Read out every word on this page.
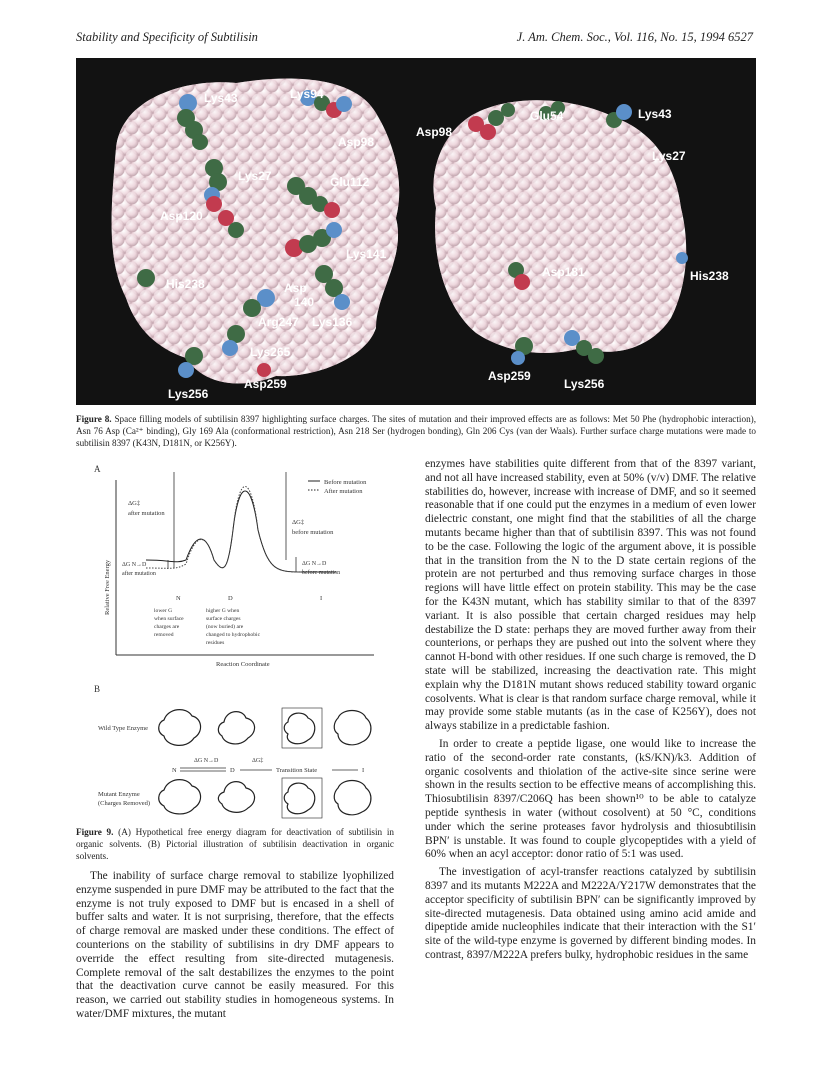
Stability and Specificity of Subtilisin	J. Am. Chem. Soc., Vol. 116, No. 15, 1994 6527
Lys43	Lys94
Asp98
Lys27	Glu112
Asp120
Lys141
His238	Asp
140
Arg247 Lys136
Lys265
Lys256
Asp259
Asp98
Glu54	Lys43
Lys27
Asp181	His238
Asp259
Lys256
Figure 8. Space filling models of subtilisin 8397 highlighting surface charges. The sites of mutation and their improved effects are as follows: Met 50 Phe (hydrophobic interaction), Asn 76 Asp (Ca²⁺ binding), Gly 169 Ala (conformational restriction), Asn 218 Ser (hydrogen bonding), Gln 206 Cys (van der Waals). Further surface charge mutations were made to subtilisin 8397 (K43N, D181N, or K256Y).
A
Relative Free Energy
Reaction Coordinate
Before mutation
After mutation
ΔG‡
after mutation
ΔG‡
before mutation
ΔG N→D
after mutation
ΔG N→D
before mutation
N	D	I
lower G
when surface
charges are
removed
higher G when
surface charges
(now buried) are
changed to hydrophobic
residues
B
Wild Type Enzyme
N
ΔG N→D
D
ΔG‡
Transition State	I
Mutant Enzyme
(Charges Removed)
Figure 9. (A) Hypothetical free energy diagram for deactivation of subtilisin in organic solvents. (B) Pictorial illustration of subtilisin deactivation in organic solvents.

The inability of surface charge removal to stabilize lyophilized enzyme suspended in pure DMF may be attributed to the fact that the enzyme is not truly exposed to DMF but is encased in a shell of buffer salts and water. It is not surprising, therefore, that the effects of charge removal are masked under these conditions. The effect of counterions on the stability of subtilisins in dry DMF appears to override the effect resulting from site-directed mutagenesis. Complete removal of the salt destabilizes the enzymes to the point that the deactivation curve cannot be easily measured. For this reason, we carried out stability studies in homogeneous systems. In water/DMF mixtures, the mutant

enzymes have stabilities quite different from that of the 8397 variant, and not all have increased stability, even at 50% (v/v) DMF. The relative stabilities do, however, increase with increase of DMF, and so it seemed reasonable that if one could put the enzymes in a medium of even lower dielectric constant, one might find that the stabilities of all the charge mutants became higher than that of subtilisin 8397. This was not found to be the case. Following the logic of the argument above, it is possible that in the transition from the N to the D state certain regions of the protein are not perturbed and thus removing surface charges in those regions will have little effect on protein stability. This may be the case for the K43N mutant, which has stability similar to that of the 8397 variant. It is also possible that certain charged residues may help destabilize the D state: perhaps they are moved further away from their counterions, or perhaps they are pushed out into the solvent where they cannot H-bond with other residues. If one such charge is removed, the D state will be stabilized, increasing the deactivation rate. This might explain why the D181N mutant shows reduced stability toward organic cosolvents. What is clear is that random surface charge removal, while it may provide some stable mutants (as in the case of K256Y), does not always stabilize in a predictable fashion.

In order to create a peptide ligase, one would like to increase the ratio of the second-order rate constants, (kS/KN)/k3. Addition of organic cosolvents and thiolation of the active-site since serine were shown in the results section to be effective means of accomplishing this. Thiosubtilisin 8397/C206Q has been shown¹⁰ to be able to catalyze peptide synthesis in water (without cosolvent) at 50 °C, conditions under which the serine proteases favor hydrolysis and thiosubtilisin BPN′ is unstable. It was found to couple glycopeptides with a yield of 60% when an acyl acceptor: donor ratio of 5:1 was used.

The investigation of acyl-transfer reactions catalyzed by subtilisin 8397 and its mutants M222A and M222A/Y217W demonstrates that the acceptor specificity of subtilisin BPN′ can be significantly improved by site-directed mutagenesis. Data obtained using amino acid amide and dipeptide amide nucleophiles indicate that their interaction with the S1′ site of the wild-type enzyme is governed by different binding modes. In contrast, 8397/M222A prefers bulky, hydrophobic residues in the same
